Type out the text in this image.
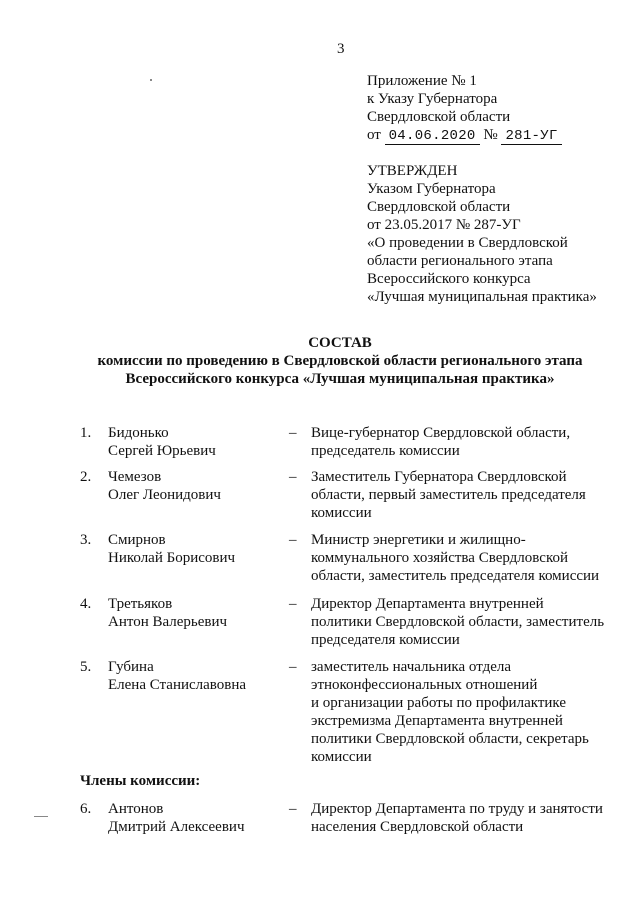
3
Приложение № 1
к Указу Губернатора
Свердловской области
от 04.06.2020 № 281-УГ
УТВЕРЖДЕН
Указом Губернатора
Свердловской области
от 23.05.2017 № 287-УГ
«О проведении в Свердловской
области регионального этапа
Всероссийского конкурса
«Лучшая муниципальная практика»
СОСТАВ
комиссии по проведению в Свердловской области регионального этапа
Всероссийского конкурса «Лучшая муниципальная практика»
1. Бидонько
Сергей Юрьевич
– Вице-губернатор Свердловской области,
председатель комиссии
2. Чемезов
Олег Леонидович
– Заместитель Губернатора Свердловской
области, первый заместитель председателя
комиссии
3. Смирнов
Николай Борисович
– Министр энергетики и жилищно-
коммунального хозяйства Свердловской
области, заместитель председателя комиссии
4. Третьяков
Антон Валерьевич
– Директор Департамента внутренней
политики Свердловской области, заместитель
председателя комиссии
5. Губина
Елена Станиславовна
– заместитель начальника отдела
этноконфессиональных отношений
и организации работы по профилактике
экстремизма Департамента внутренней
политики Свердловской области, секретарь
комиссии
Члены комиссии:
6. Антонов
Дмитрий Алексеевич
– Директор Департамента по труду и занятости
населения Свердловской области
